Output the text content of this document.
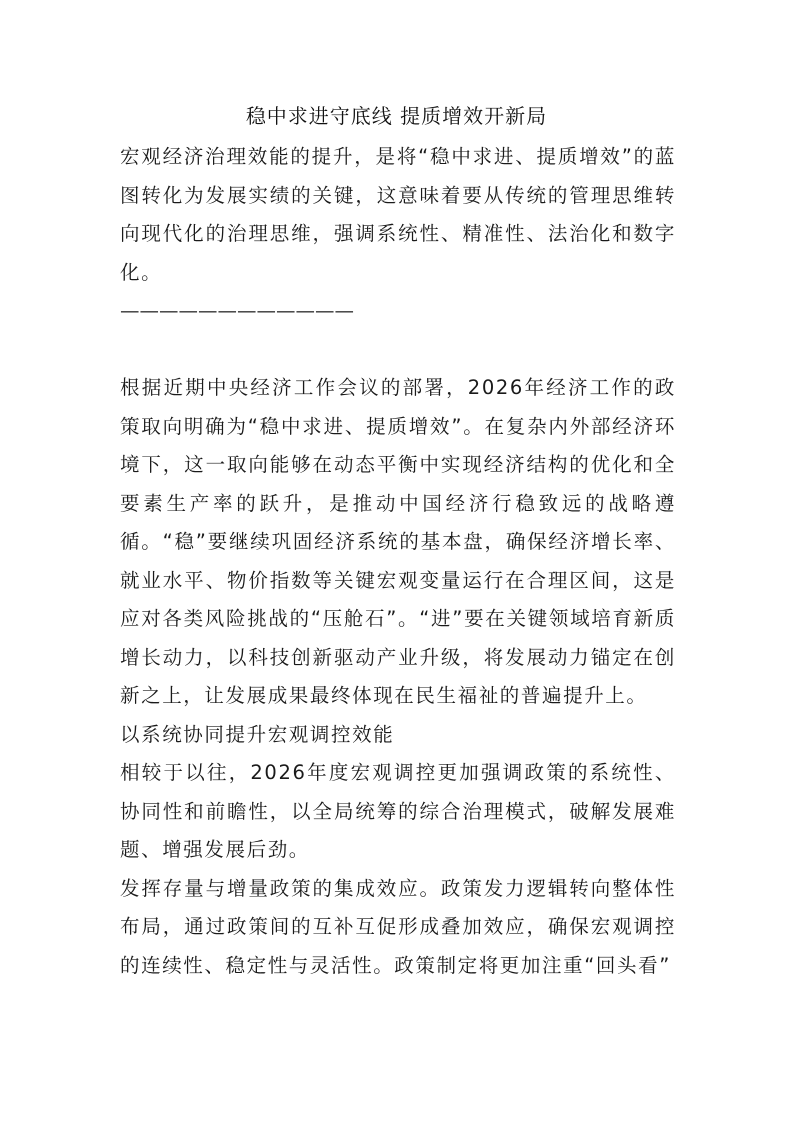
稳中求进守底线 提质增效开新局

宏观经济治理效能的提升，是将“稳中求进、提质增效”的蓝图转化为发展实绩的关键，这意味着要从传统的管理思维转向现代化的治理思维，强调系统性、精准性、法治化和数字化。

————————————

根据近期中央经济工作会议的部署，2026年经济工作的政策取向明确为“稳中求进、提质增效”。在复杂内外部经济环境下，这一取向能够在动态平衡中实现经济结构的优化和全要素生产率的跃升，是推动中国经济行稳致远的战略遵循。“稳”要继续巩固经济系统的基本盘，确保经济增长率、就业水平、物价指数等关键宏观变量运行在合理区间，这是应对各类风险挑战的“压舱石”。“进”要在关键领域培育新质增长动力，以科技创新驱动产业升级，将发展动力锚定在创新之上，让发展成果最终体现在民生福祉的普遍提升上。

以系统协同提升宏观调控效能

相较于以往，2026年度宏观调控更加强调政策的系统性、协同性和前瞻性，以全局统筹的综合治理模式，破解发展难题、增强发展后劲。

发挥存量与增量政策的集成效应。政策发力逻辑转向整体性布局，通过政策间的互补互促形成叠加效应，确保宏观调控的连续性、稳定性与灵活性。政策制定将更加注重“回头看”
